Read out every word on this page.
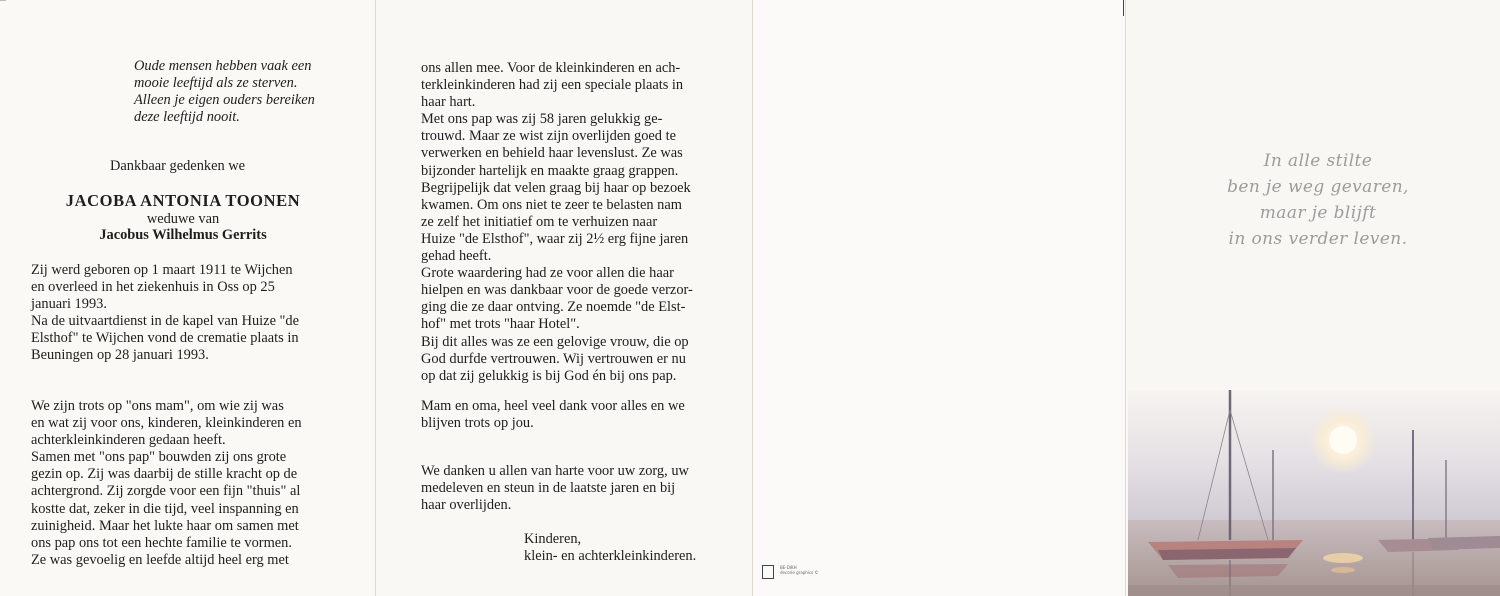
Oude mensen hebben vaak een
mooie leeftijd als ze sterven.
Alleen je eigen ouders bereiken
deze leeftijd nooit.
Dankbaar gedenken we
JACOBA ANTONIA TOONEN
weduwe van
Jacobus Wilhelmus Gerrits
Zij werd geboren op 1 maart 1911 te Wijchen
en overleed in het ziekenhuis in Oss op 25
januari 1993.
Na de uitvaartdienst in de kapel van Huize "de
Elsthof" te Wijchen vond de crematie plaats in
Beuningen op 28 januari 1993.
We zijn trots op "ons mam", om wie zij was
en wat zij voor ons, kinderen, kleinkinderen en
achterkleinkinderen gedaan heeft.
Samen met "ons pap" bouwden zij ons grote
gezin op. Zij was daarbij de stille kracht op de
achtergrond. Zij zorgde voor een fijn "thuis" al
kostte dat, zeker in die tijd, veel inspanning en
zuinigheid. Maar het lukte haar om samen met
ons pap ons tot een hechte familie te vormen.
Ze was gevoelig en leefde altijd heel erg met
ons allen mee. Voor de kleinkinderen en ach-
terkleinkinderen had zij een speciale plaats in
haar hart.
Met ons pap was zij 58 jaren gelukkig ge-
trouwd. Maar ze wist zijn overlijden goed te
verwerken en behield haar levenslust. Ze was
bijzonder hartelijk en maakte graag grappen.
Begrijpelijk dat velen graag bij haar op bezoek
kwamen. Om ons niet te zeer te belasten nam
ze zelf het initiatief om te verhuizen naar
Huize "de Elsthof", waar zij 2½ erg fijne jaren
gehad heeft.
Grote waardering had ze voor allen die haar
hielpen en was dankbaar voor de goede verzor-
ging die ze daar ontving. Ze noemde "de Elst-
hof" met trots "haar Hotel".
Bij dit alles was ze een gelovige vrouw, die op
God durfde vertrouwen. Wij vertrouwen er nu
op dat zij gelukkig is bij God én bij ons pap.
Mam en oma, heel veel dank voor alles en we
blijven trots op jou.
We danken u allen van harte voor uw zorg, uw
medeleven en steun in de laatste jaren en bij
haar overlijden.
Kinderen,
klein- en achterkleinkinderen.

BE-DIKH
decorie graphics ©
In alle stilte
ben je weg gevaren,
maar je blijft
in ons verder leven.
